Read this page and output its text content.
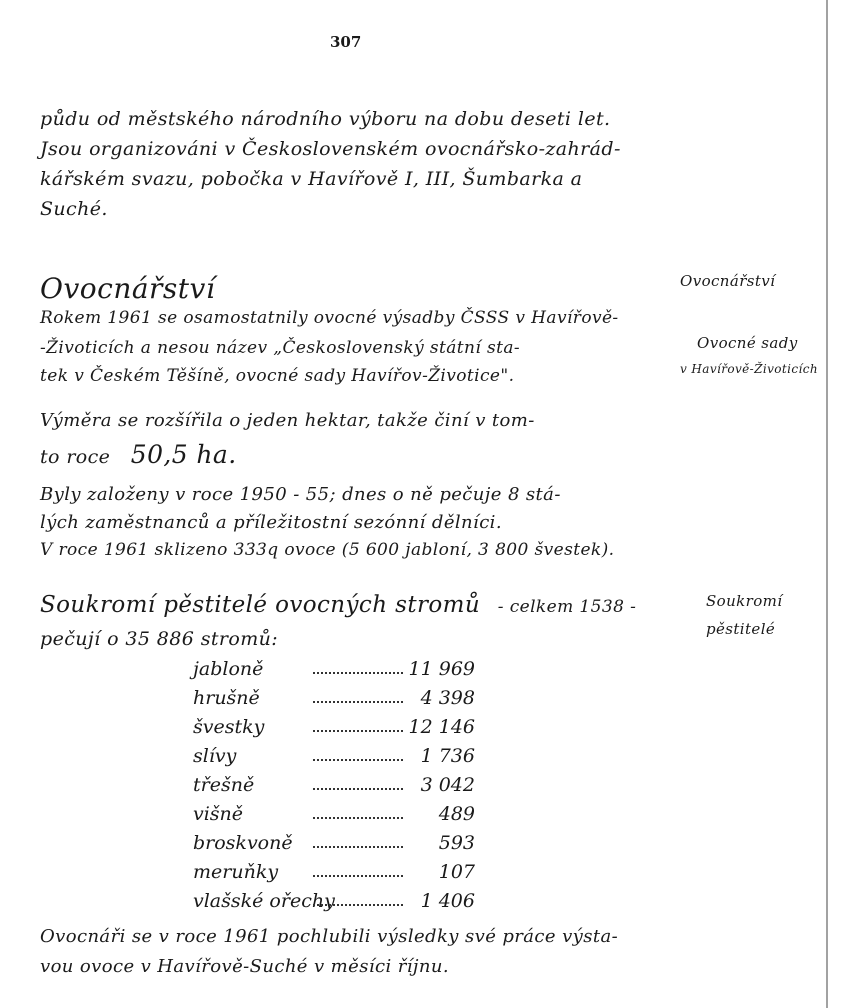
307
půdu od městského národního výboru na dobu deseti let.
Jsou organizováni v Československém ovocnářsko-zahrád-
kářském svazu, pobočka v Havířově I, III, Šumbarka a
Suché.
Ovocnářství	Ovocnářství
Rokem 1961 se osamostatnily ovocné výsadby ČSSS v Havířově-
-Životicích a nesou název „Československý státní sta-
tek v Českém Těšíně, ovocné sady Havířov-Životice".
Ovocné sady
v Havířově-Životicích
Výměra se rozšířila o jeden hektar, takže činí v tom-
to roce 50,5 ha.
Byly založeny v roce 1950 - 55; dnes o ně pečuje 8 stá-
lých zaměstnanců a příležitostní sezónní dělníci.
V roce 1961 sklizeno 333q ovoce (5 600 jabloní, 3 800 švestek).
Soukromí pěstitelé ovocných stromů - celkem 1538 -
pečují o 35 886 stromů:
Soukromí
pěstitelé
jabloně	11 969
hrušně	4 398
švestky	12 146
slívy	1 736
třešně	3 042
višně	489
broskvoně	593
meruňky	107
vlašské ořechy	1 406
Ovocnáři se v roce 1961 pochlubili výsledky své práce výsta-
vou ovoce v Havířově-Suché v měsíci říjnu.
